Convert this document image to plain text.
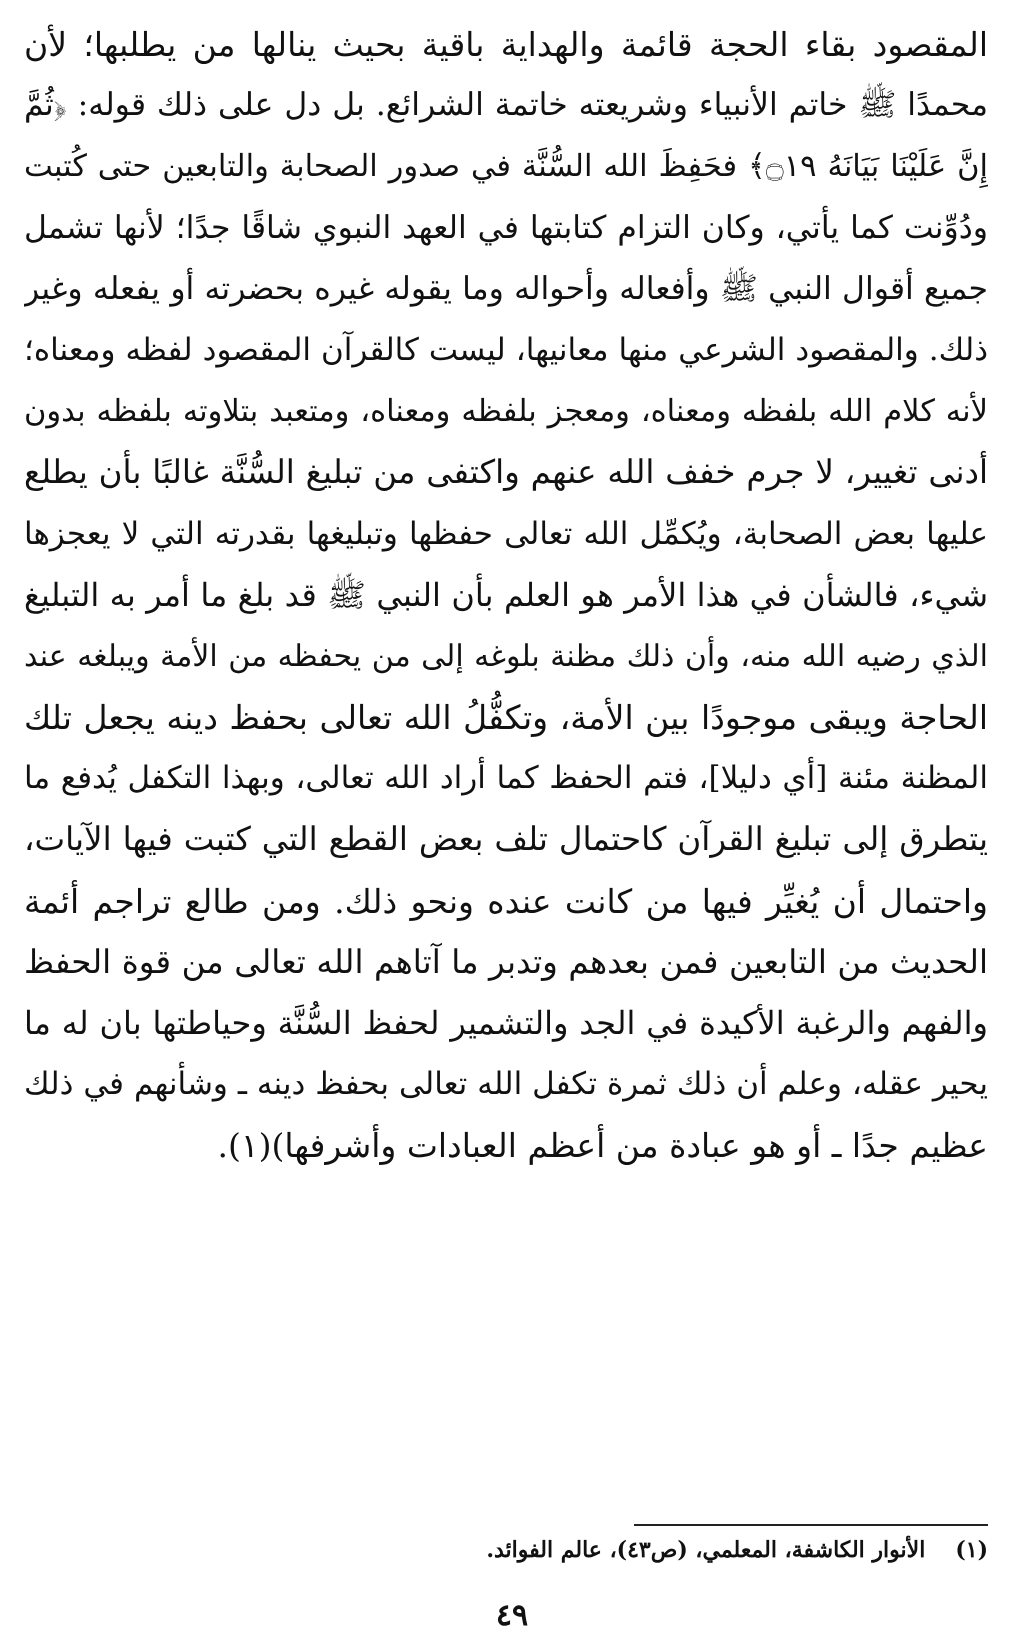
المقصود بقاء الحجة قائمة والهداية باقية بحيث ينالها من يطلبها؛ لأن
محمدًا ﷺ خاتم الأنبياء وشريعته خاتمة الشرائع. بل دل على ذلك قوله: ﴿ثُمَّ
إِنَّ عَلَيْنَا بَيَانَهُ ۝١٩﴾ فحَفِظَ الله السُّنَّة في صدور الصحابة والتابعين حتى كُتبت
ودُوِّنت كما يأتي، وكان التزام كتابتها في العهد النبوي شاقًا جدًا؛ لأنها تشمل
جميع أقوال النبي ﷺ وأفعاله وأحواله وما يقوله غيره بحضرته أو يفعله وغير
ذلك. والمقصود الشرعي منها معانيها، ليست كالقرآن المقصود لفظه ومعناه؛
لأنه كلام الله بلفظه ومعناه، ومعجز بلفظه ومعناه، ومتعبد بتلاوته بلفظه بدون
أدنى تغيير، لا جرم خفف الله عنهم واكتفى من تبليغ السُّنَّة غالبًا بأن يطلع
عليها بعض الصحابة، ويُكمِّل الله تعالى حفظها وتبليغها بقدرته التي لا يعجزها
شيء، فالشأن في هذا الأمر هو العلم بأن النبي ﷺ قد بلغ ما أمر به التبليغ
الذي رضيه الله منه، وأن ذلك مظنة بلوغه إلى من يحفظه من الأمة ويبلغه عند
الحاجة ويبقى موجودًا بين الأمة، وتكفُّلُ الله تعالى بحفظ دينه يجعل تلك
المظنة مئنة [أي دليلا]، فتم الحفظ كما أراد الله تعالى، وبهذا التكفل يُدفع ما
يتطرق إلى تبليغ القرآن كاحتمال تلف بعض القطع التي كتبت فيها الآيات،
واحتمال أن يُغيِّر فيها من كانت عنده ونحو ذلك. ومن طالع تراجم أئمة
الحديث من التابعين فمن بعدهم وتدبر ما آتاهم الله تعالى من قوة الحفظ
والفهم والرغبة الأكيدة في الجد والتشمير لحفظ السُّنَّة وحياطتها بان له ما
يحير عقله، وعلم أن ذلك ثمرة تكفل الله تعالى بحفظ دينه ـ وشأنهم في ذلك
عظيم جدًا ـ أو هو عبادة من أعظم العبادات وأشرفها)(١).
(١)الأنوار الكاشفة، المعلمي، (ص٤٣)، عالم الفوائد.
٤٩
